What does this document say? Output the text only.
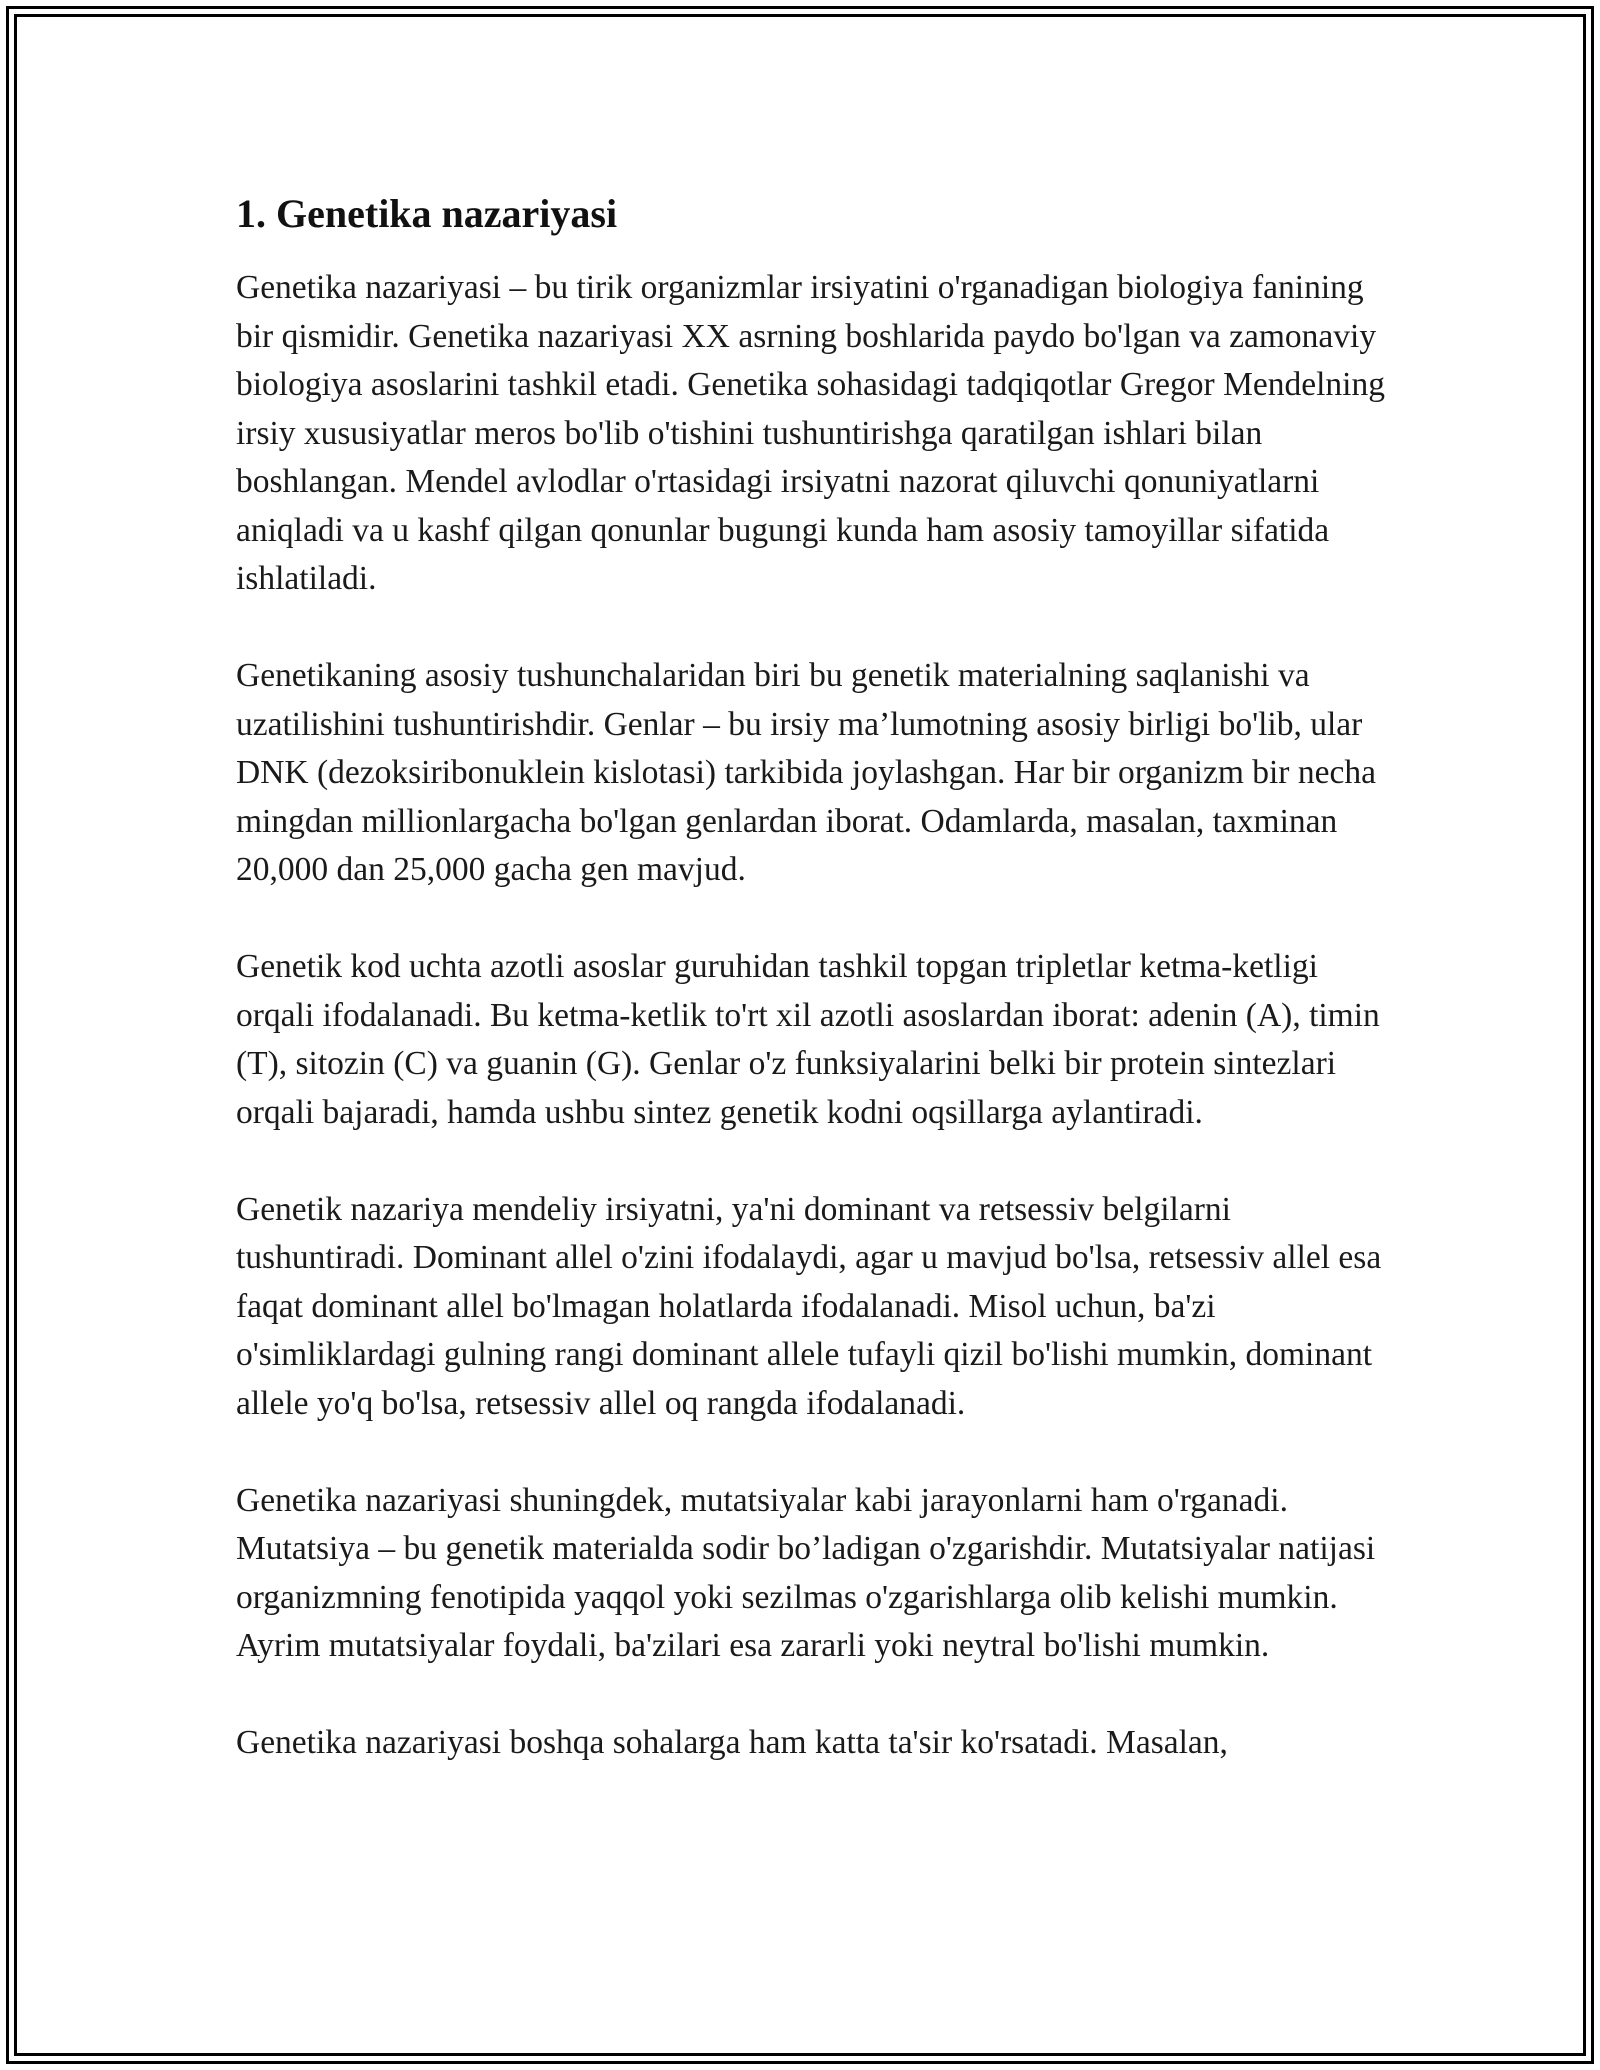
1. Genetika nazariyasi

Genetika nazariyasi – bu tirik organizmlar irsiyatini o'rganadigan biologiya fanining bir qismidir. Genetika nazariyasi XX asrning boshlarida paydo bo'lgan va zamonaviy biologiya asoslarini tashkil etadi. Genetika sohasidagi tadqiqotlar Gregor Mendelning irsiy xususiyatlar meros bo'lib o'tishini tushuntirishga qaratilgan ishlari bilan boshlangan. Mendel avlodlar o'rtasidagi irsiyatni nazorat qiluvchi qonuniyatlarni aniqladi va u kashf qilgan qonunlar bugungi kunda ham asosiy tamoyillar sifatida ishlatiladi.

Genetikaning asosiy tushunchalaridan biri bu genetik materialning saqlanishi va uzatilishini tushuntirishdir. Genlar – bu irsiy ma’lumotning asosiy birligi bo'lib, ular DNK (dezoksiribonuklein kislotasi) tarkibida joylashgan. Har bir organizm bir necha mingdan millionlargacha bo'lgan genlardan iborat. Odamlarda, masalan, taxminan 20,000 dan 25,000 gacha gen mavjud.

Genetik kod uchta azotli asoslar guruhidan tashkil topgan tripletlar ketma-ketligi orqali ifodalanadi. Bu ketma-ketlik to'rt xil azotli asoslardan iborat: adenin (A), timin (T), sitozin (C) va guanin (G). Genlar o'z funksiyalarini belki bir protein sintezlari orqali bajaradi, hamda ushbu sintez genetik kodni oqsillarga aylantiradi.

Genetik nazariya mendeliy irsiyatni, ya'ni dominant va retsessiv belgilarni tushuntiradi. Dominant allel o'zini ifodalaydi, agar u mavjud bo'lsa, retsessiv allel esa faqat dominant allel bo'lmagan holatlarda ifodalanadi. Misol uchun, ba'zi o'simliklardagi gulning rangi dominant allele tufayli qizil bo'lishi mumkin, dominant allele yo'q bo'lsa, retsessiv allel oq rangda ifodalanadi.

Genetika nazariyasi shuningdek, mutatsiyalar kabi jarayonlarni ham o'rganadi. Mutatsiya – bu genetik materialda sodir bo’ladigan o'zgarishdir. Mutatsiyalar natijasi organizmning fenotipida yaqqol yoki sezilmas o'zgarishlarga olib kelishi mumkin. Ayrim mutatsiyalar foydali, ba'zilari esa zararli yoki neytral bo'lishi mumkin.

Genetika nazariyasi boshqa sohalarga ham katta ta'sir ko'rsatadi. Masalan,
